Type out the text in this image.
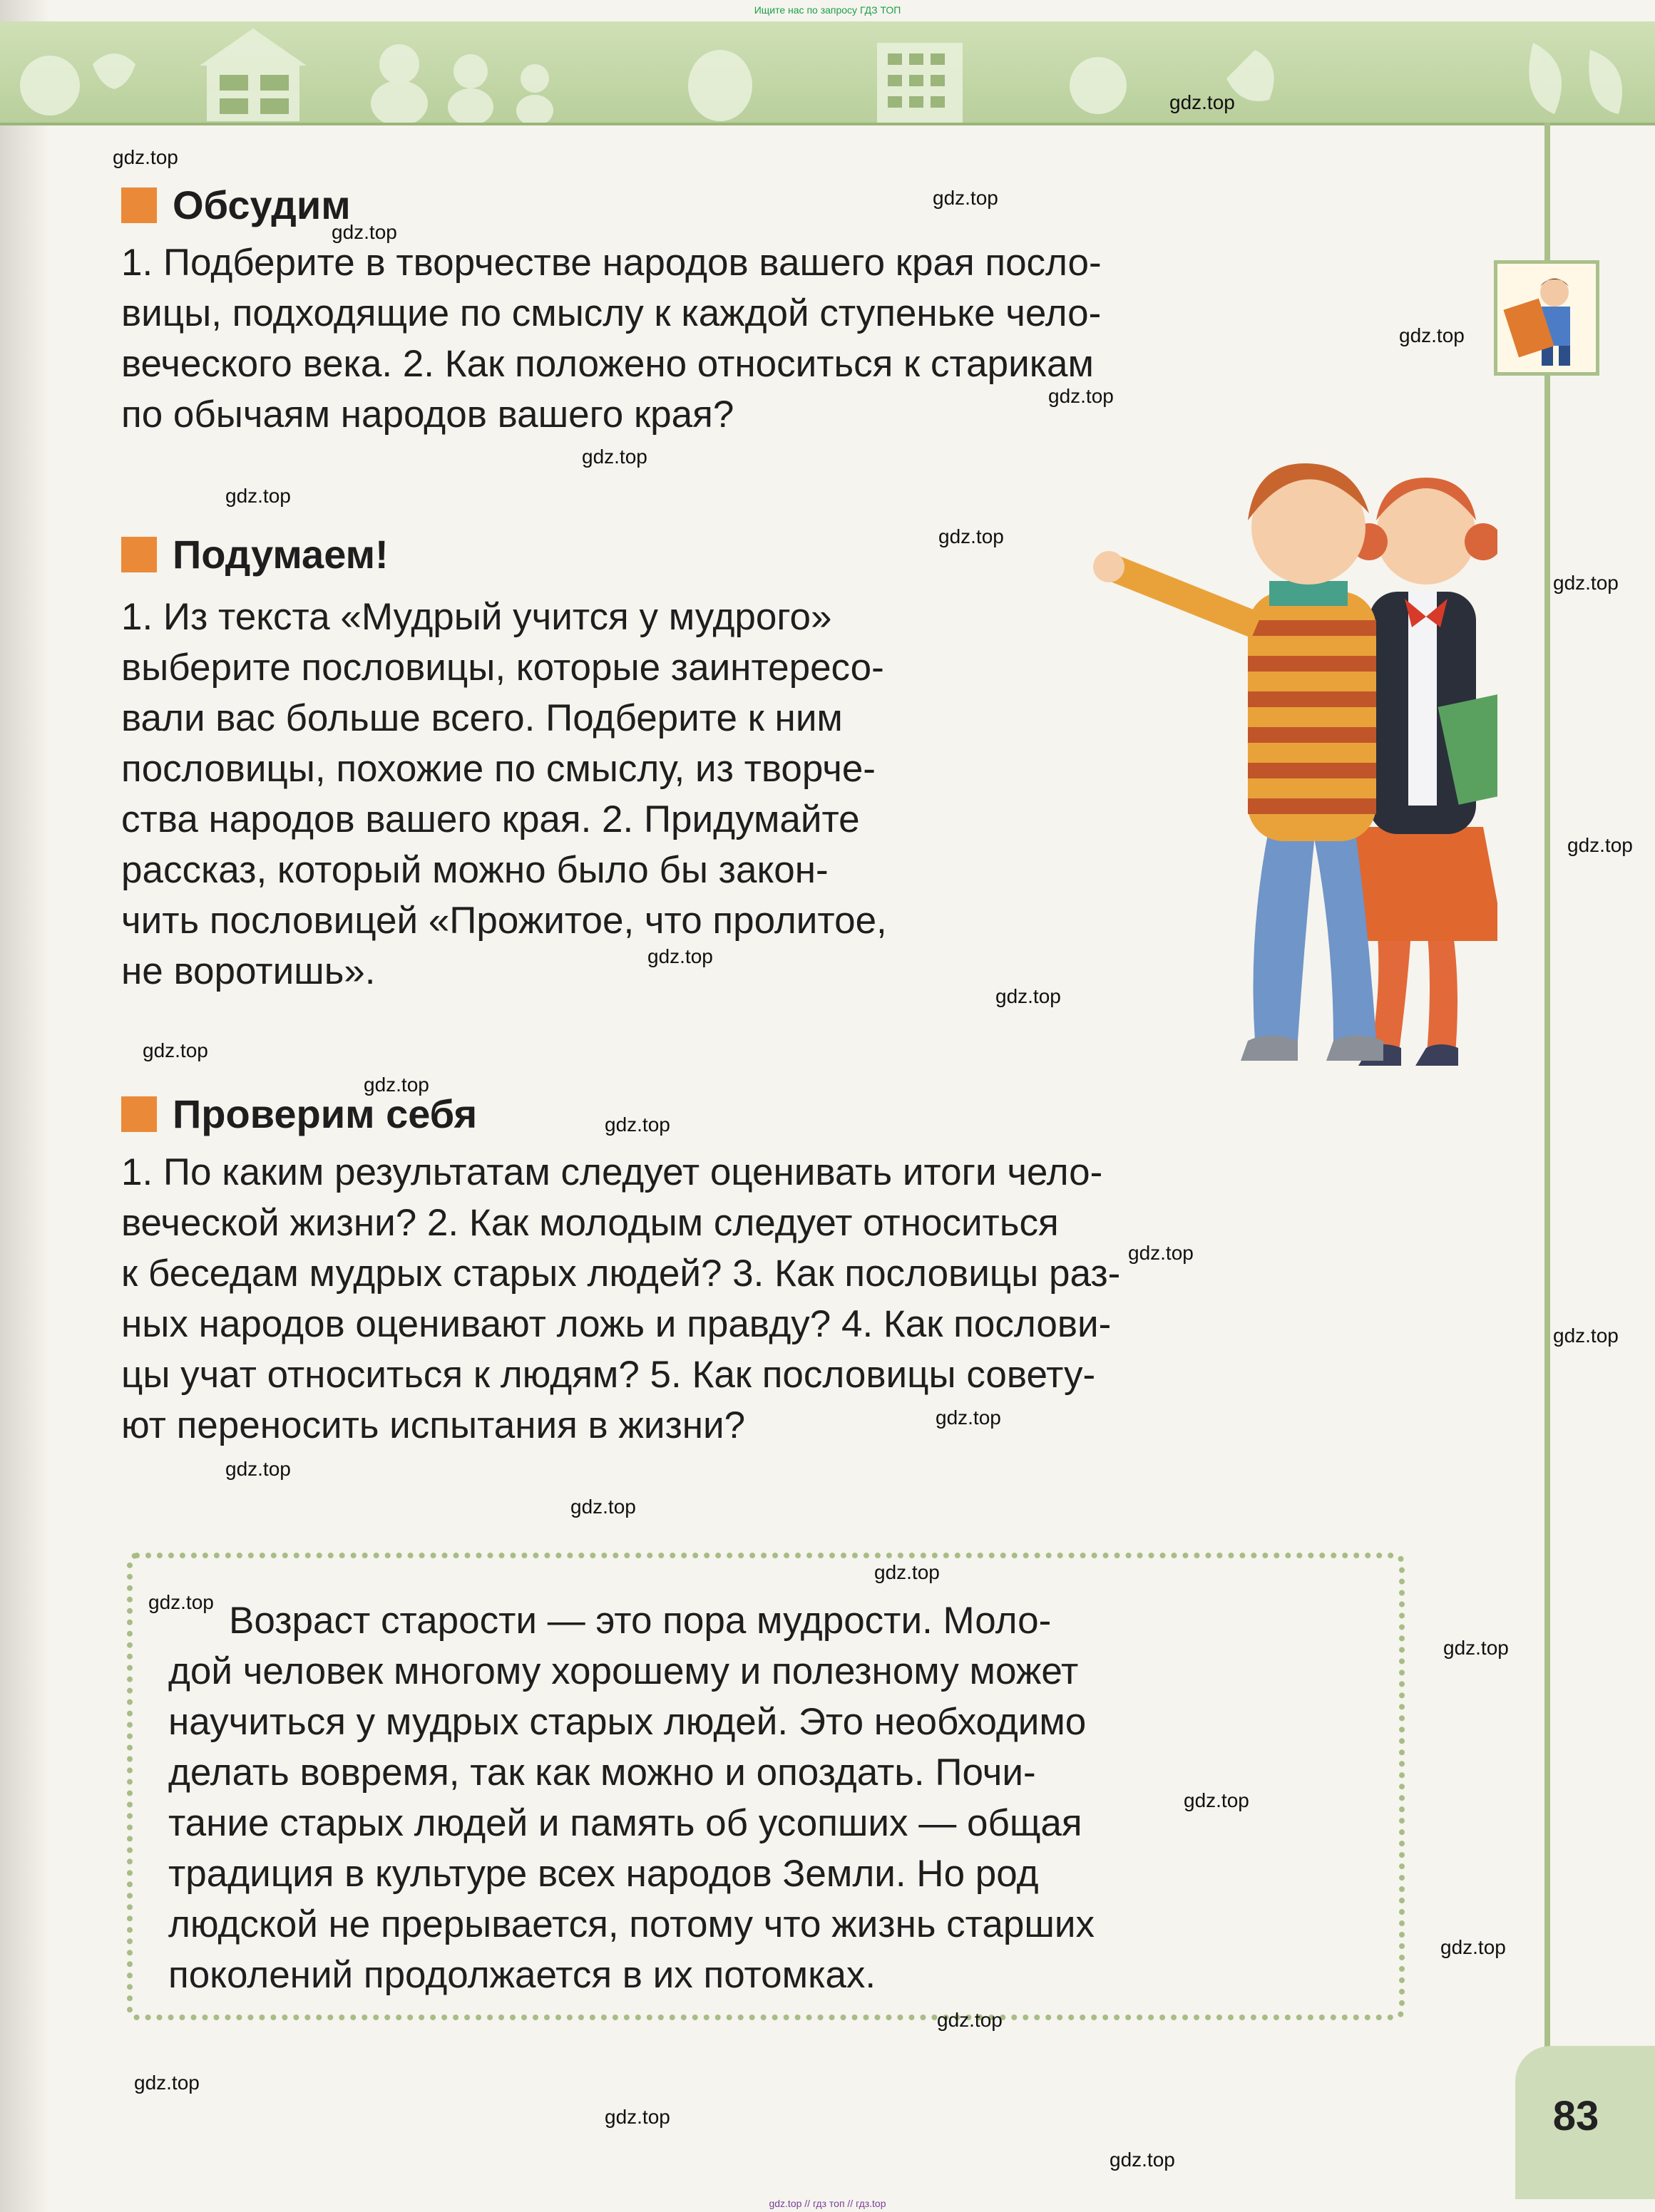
Ищите нас по запросу ГДЗ ТОП
Обсудим

1. Подберите в творчестве народов вашего края посло-
вицы, подходящие по смыслу к каждой ступеньке чело-
веческого века. 2. Как положено относиться к старикам
по обычаям народов вашего края?

Подумаем!

1. Из текста «Мудрый учится у мудрого»
выберите пословицы, которые заинтересо-
вали вас больше всего. Подберите к ним
пословицы, похожие по смыслу, из творче-
ства народов вашего края. 2. Придумайте
рассказ, который можно было бы закон-
чить пословицей «Прожитое, что пролитое,
не воротишь».

Проверим себя

1. По каким результатам следует оценивать итоги чело-
веческой жизни? 2. Как молодым следует относиться
к беседам мудрых старых людей? 3. Как пословицы раз-
ных народов оценивают ложь и правду? 4. Как послови-
цы учат относиться к людям? 5. Как пословицы совету-
ют переносить испытания в жизни?

Возраст старости — это пора мудрости. Моло-
дой человек многому хорошему и полезному может
научиться у мудрых старых людей. Это необходимо
делать вовремя, так как можно и опоздать. Почи-
тание старых людей и память об усопших — общая
традиция в культуре всех народов Земли. Но род
людской не прерывается, потому что жизнь старших
поколений продолжается в их потомках.

83
gdz.top
gdz.top
gdz.top
gdz.top
gdz.top
gdz.top
gdz.top
gdz.top
gdz.top
gdz.top
gdz.top
gdz.top
gdz.top
gdz.top
gdz.top
gdz.top
gdz.top
gdz.top
gdz.top
gdz.top
gdz.top
gdz.top
gdz.top
gdz.top
gdz.top
gdz.top
gdz.top
gdz.top
gdz.top
gdz.top
gdz.top // гдз топ // гдз.top
